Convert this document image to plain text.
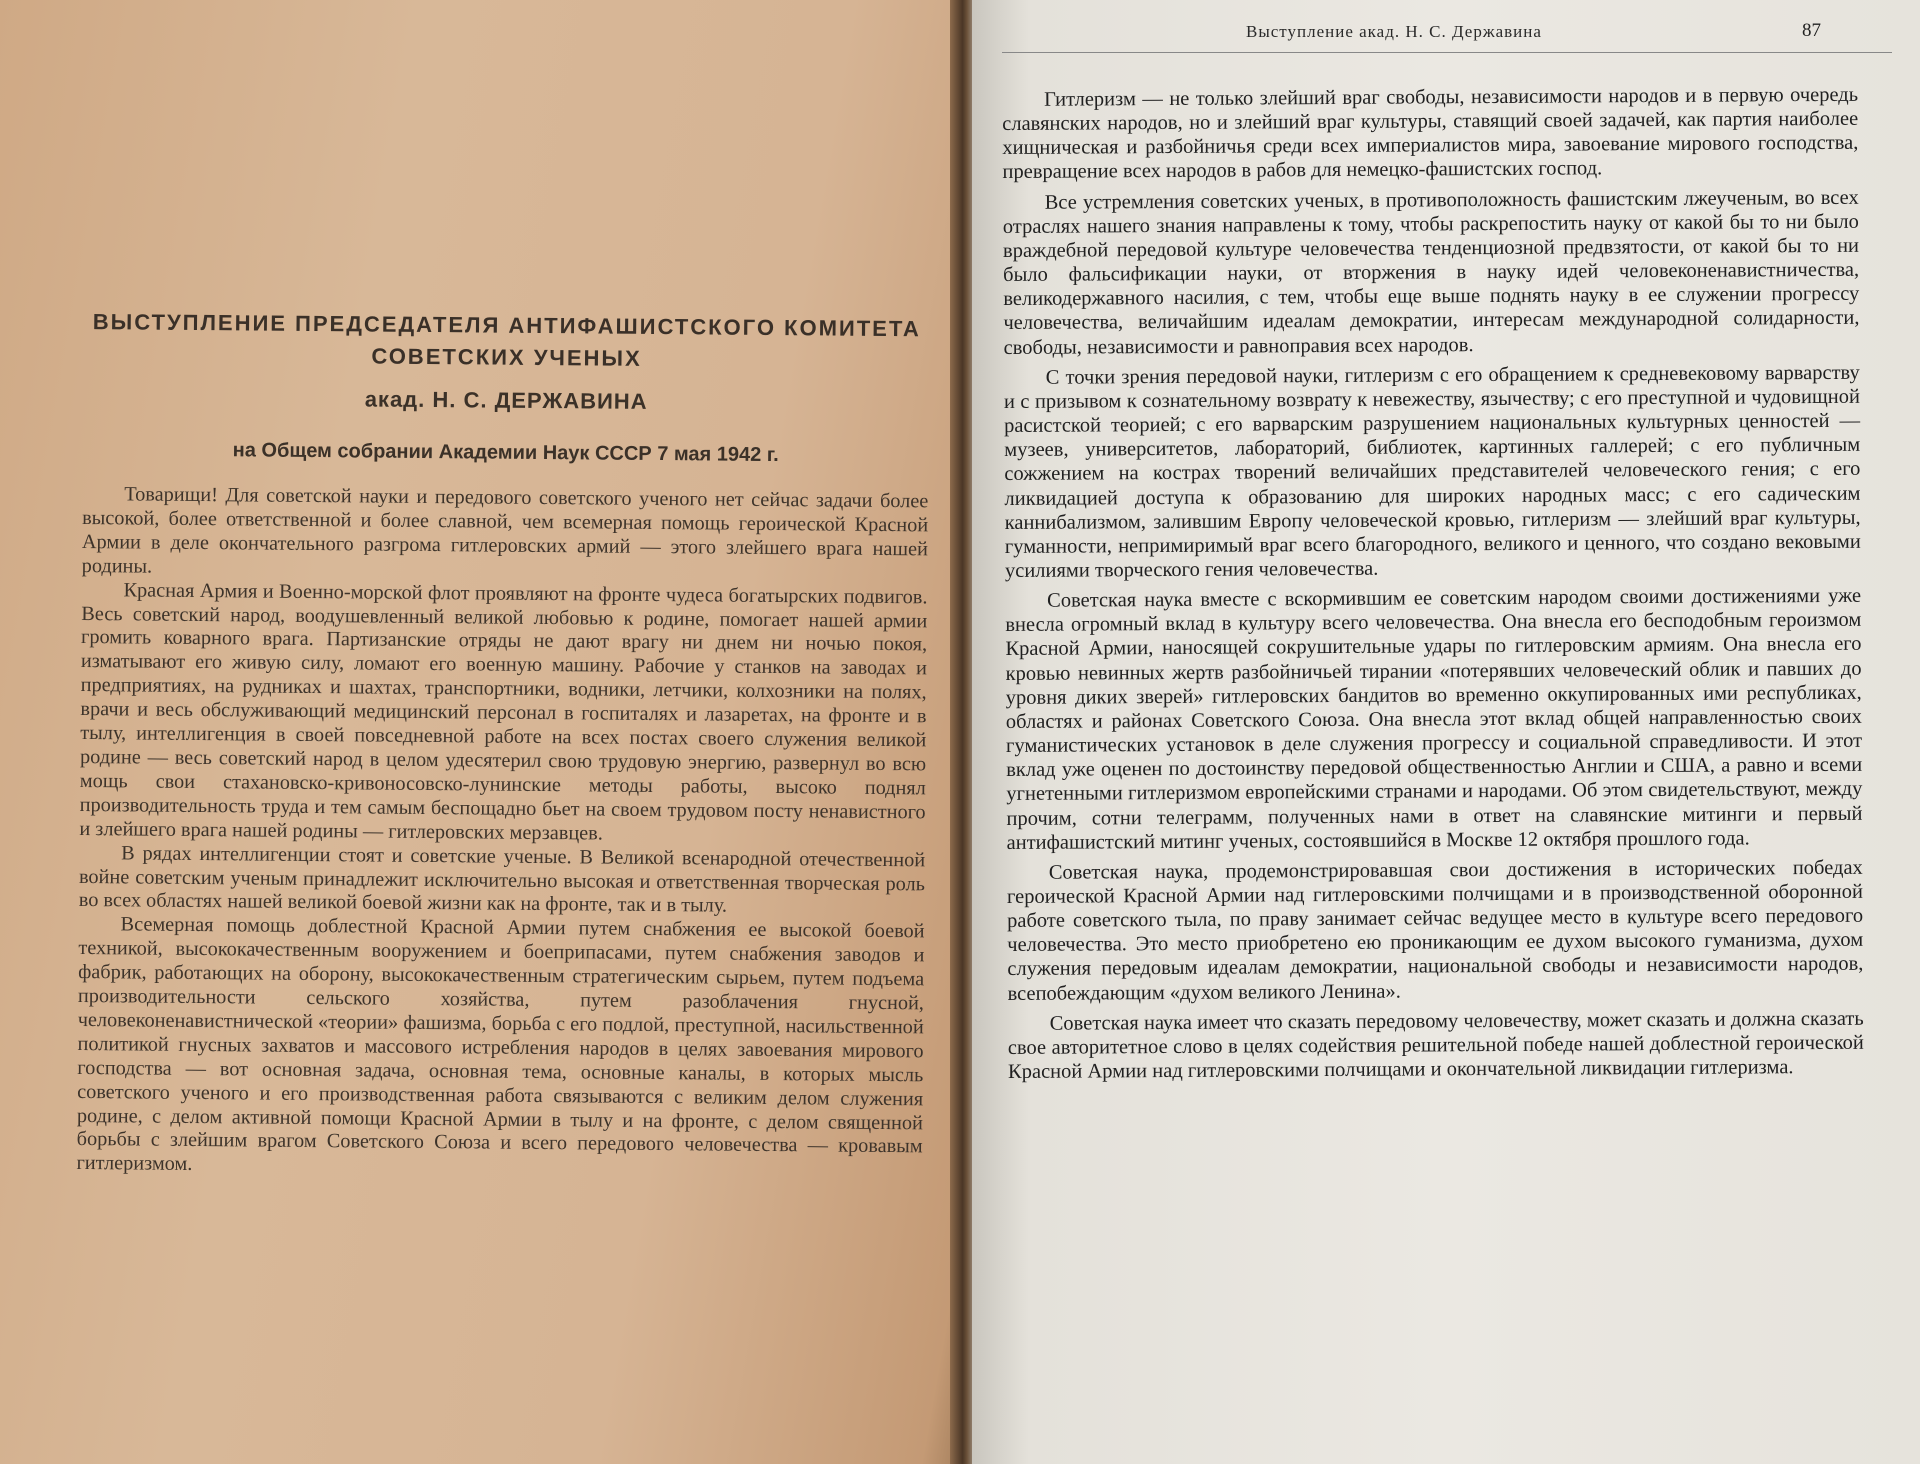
ВЫСТУПЛЕНИЕ ПРЕДСЕДАТЕЛЯ АНТИФАШИСТСКОГО КОМИТЕТА СОВЕТСКИХ УЧЕНЫХ
акад. Н. С. ДЕРЖАВИНА
на Общем собрании Академии Наук СССР 7 мая 1942 г.

Товарищи! Для советской науки и передового советского ученого нет сейчас задачи более высокой, более ответственной и более славной, чем всемерная помощь героической Красной Армии в деле окончательного разгрома гитлеровских армий — этого злейшего врага нашей родины.

Красная Армия и Военно-морской флот проявляют на фронте чудеса богатырских подвигов. Весь советский народ, воодушевленный великой любовью к родине, помогает нашей армии громить коварного врага. Партизанские отряды не дают врагу ни днем ни ночью покоя, изматывают его живую силу, ломают его военную машину. Рабочие у станков на заводах и предприятиях, на рудниках и шахтах, транспортники, водники, летчики, колхозники на полях, врачи и весь обслуживающий медицинский персонал в госпиталях и лазаретах, на фронте и в тылу, интеллигенция в своей повседневной работе на всех постах своего служения великой родине — весь советский народ в целом удесятерил свою трудовую энергию, развернул во всю мощь свои стахановско-кривоносовско-лунинские методы работы, высоко поднял производительность труда и тем самым беспощадно бьет на своем трудовом посту ненавистного и злейшего врага нашей родины — гитлеровских мерзавцев.

В рядах интеллигенции стоят и советские ученые. В Великой всенародной отечественной войне советским ученым принадлежит исключительно высокая и ответственная творческая роль во всех областях нашей великой боевой жизни как на фронте, так и в тылу.

Всемерная помощь доблестной Красной Армии путем снабжения ее высокой боевой техникой, высококачественным вооружением и боеприпасами, путем снабжения заводов и фабрик, работающих на оборону, высококачественным стратегическим сырьем, путем подъема производительности сельского хозяйства, путем разоблачения гнусной, человеконенавистнической «теории» фашизма, борьба с его подлой, преступной, насильственной политикой гнусных захватов и массового истребления народов в целях завоевания мирового господства — вот основная задача, основная тема, основные каналы, в которых мысль советского ученого и его производственная работа связываются с великим делом служения родине, с делом активной помощи Красной Армии в тылу и на фронте, с делом священной борьбы с злейшим врагом Советского Союза и всего передового человечества — кровавым гитлеризмом.

Выступление акад. Н. С. Державина	87

Гитлеризм — не только злейший враг свободы, независимости народов и в первую очередь славянских народов, но и злейший враг культуры, ставящий своей задачей, как партия наиболее хищническая и разбойничья среди всех империалистов мира, завоевание мирового господства, превращение всех народов в рабов для немецко-фашистских господ.

Все устремления советских ученых, в противоположность фашистским лжеученым, во всех отраслях нашего знания направлены к тому, чтобы раскрепостить науку от какой бы то ни было враждебной передовой культуре человечества тенденциозной предвзятости, от какой бы то ни было фальсификации науки, от вторжения в науку идей человеконенавистничества, великодержавного насилия, с тем, чтобы еще выше поднять науку в ее служении прогрессу человечества, величайшим идеалам демократии, интересам международной солидарности, свободы, независимости и равноправия всех народов.

С точки зрения передовой науки, гитлеризм с его обращением к средневековому варварству и с призывом к сознательному возврату к невежеству, язычеству; с его преступной и чудовищной расистской теорией; с его варварским разрушением национальных культурных ценностей — музеев, университетов, лабораторий, библиотек, картинных галлерей; с его публичным сожжением на кострах творений величайших представителей человеческого гения; с его ликвидацией доступа к образованию для широких народных масс; с его садическим каннибализмом, залившим Европу человеческой кровью, гитлеризм — злейший враг культуры, гуманности, непримиримый враг всего благородного, великого и ценного, что создано вековыми усилиями творческого гения человечества.

Советская наука вместе с вскормившим ее советским народом своими достижениями уже внесла огромный вклад в культуру всего человечества. Она внесла его бесподобным героизмом Красной Армии, наносящей сокрушительные удары по гитлеровским армиям. Она внесла его кровью невинных жертв разбойничьей тирании «потерявших человеческий облик и павших до уровня диких зверей» гитлеровских бандитов во временно оккупированных ими республиках, областях и районах Советского Союза. Она внесла этот вклад общей направленностью своих гуманистических установок в деле служения прогрессу и социальной справедливости. И этот вклад уже оценен по достоинству передовой общественностью Англии и США, а равно и всеми угнетенными гитлеризмом европейскими странами и народами. Об этом свидетельствуют, между прочим, сотни телеграмм, полученных нами в ответ на славянские митинги и первый антифашистский митинг ученых, состоявшийся в Москве 12 октября прошлого года.

Советская наука, продемонстрировавшая свои достижения в исторических победах героической Красной Армии над гитлеровскими полчищами и в производственной оборонной работе советского тыла, по праву занимает сейчас ведущее место в культуре всего передового человечества. Это место приобретено ею проникающим ее духом высокого гуманизма, духом служения передовым идеалам демократии, национальной свободы и независимости народов, всепобеждающим «духом великого Ленина».

Советская наука имеет что сказать передовому человечеству, может сказать и должна сказать свое авторитетное слово в целях содействия решительной победе нашей доблестной героической Красной Армии над гитлеровскими полчищами и окончательной ликвидации гитлеризма.
